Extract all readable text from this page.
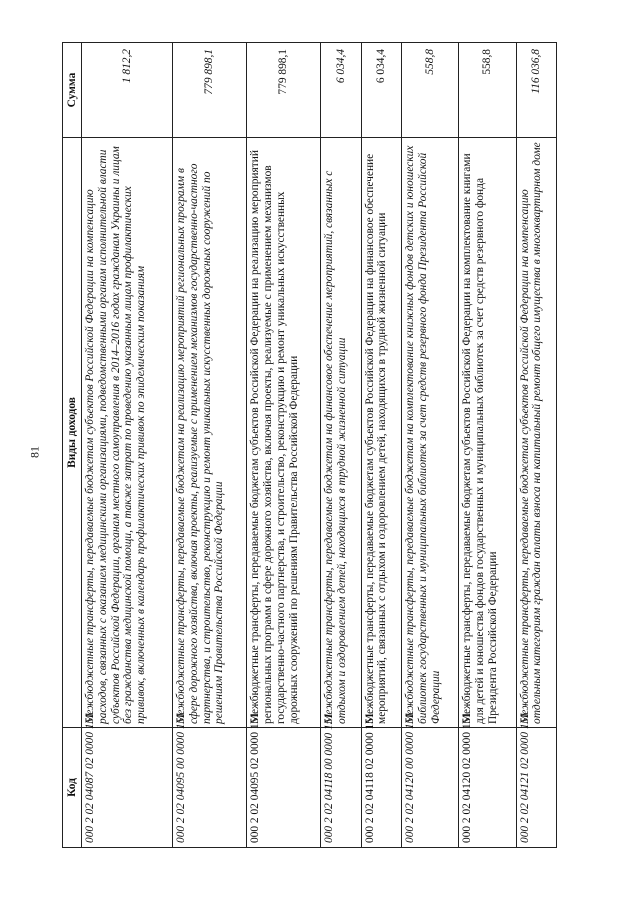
81
Код	Виды доходов	Сумма
000 2 02 04087 02 0000 151	Межбюджетные трансферты, передаваемые бюджетам субъектов Российской Федерации на компенсацию расходов, связанных с оказанием медицинскими организациями, подведомственными органам исполнительной власти субъектов Российской Федерации, органам местного самоуправления в 2014–2016 годах гражданам Украины и лицам без гражданства медицинской помощи, а также затрат по проведению указанным лицам профилактических прививок, включенных в календарь профилактических прививок по эпидемическим показаниям	1 812,2
000 2 02 04095 00 0000 151	Межбюджетные трансферты, передаваемые бюджетам на реализацию мероприятий региональных программ в сфере дорожного хозяйства, включая проекты, реализуемые с применением механизмов государственно-частного партнерства, и строительство, реконструкцию и ремонт уникальных искусственных дорожных сооружений по решениям Правительства Российской Федерации	779 898,1
000 2 02 04095 02 0000 151	Межбюджетные трансферты, передаваемые бюджетам субъектов Российской Федерации на реализацию мероприятий региональных программ в сфере дорожного хозяйства, включая проекты, реализуемые с применением механизмов государственно-частного партнерства, и строительство, реконструкцию и ремонт уникальных искусственных дорожных сооружений по решениям Правительства Российской Федерации	779 898,1
000 2 02 04118 00 0000 151	Межбюджетные трансферты, передаваемые бюджетам на финансовое обеспечение мероприятий, связанных с отдыхом и оздоровлением детей, находящихся в трудной жизненной ситуации	6 034,4
000 2 02 04118 02 0000 151	Межбюджетные трансферты, передаваемые бюджетам субъектов Российской Федерации на финансовое обеспечение мероприятий, связанных с отдыхом и оздоровлением детей, находящихся в трудной жизненной ситуации	6 034,4
000 2 02 04120 00 0000 151	Межбюджетные трансферты, передаваемые бюджетам на комплектование книжных фондов детских и юношеских библиотек государственных и муниципальных библиотек за счет средств резервного фонда Президента Российской Федерации	558,8
000 2 02 04120 02 0000 151	Межбюджетные трансферты, передаваемые бюджетам субъектов Российской Федерации на комплектование книгами для детей и юношества фондов государственных и муниципальных библиотек за счет средств резервного фонда Президента Российской Федерации	558,8
000 2 02 04121 02 0000 151	Межбюджетные трансферты, передаваемые бюджетам субъектов Российской Федерации на компенсацию отдельным категориям граждан оплаты взноса на капитальный ремонт общего имущества в многоквартирном доме	116 036,8
